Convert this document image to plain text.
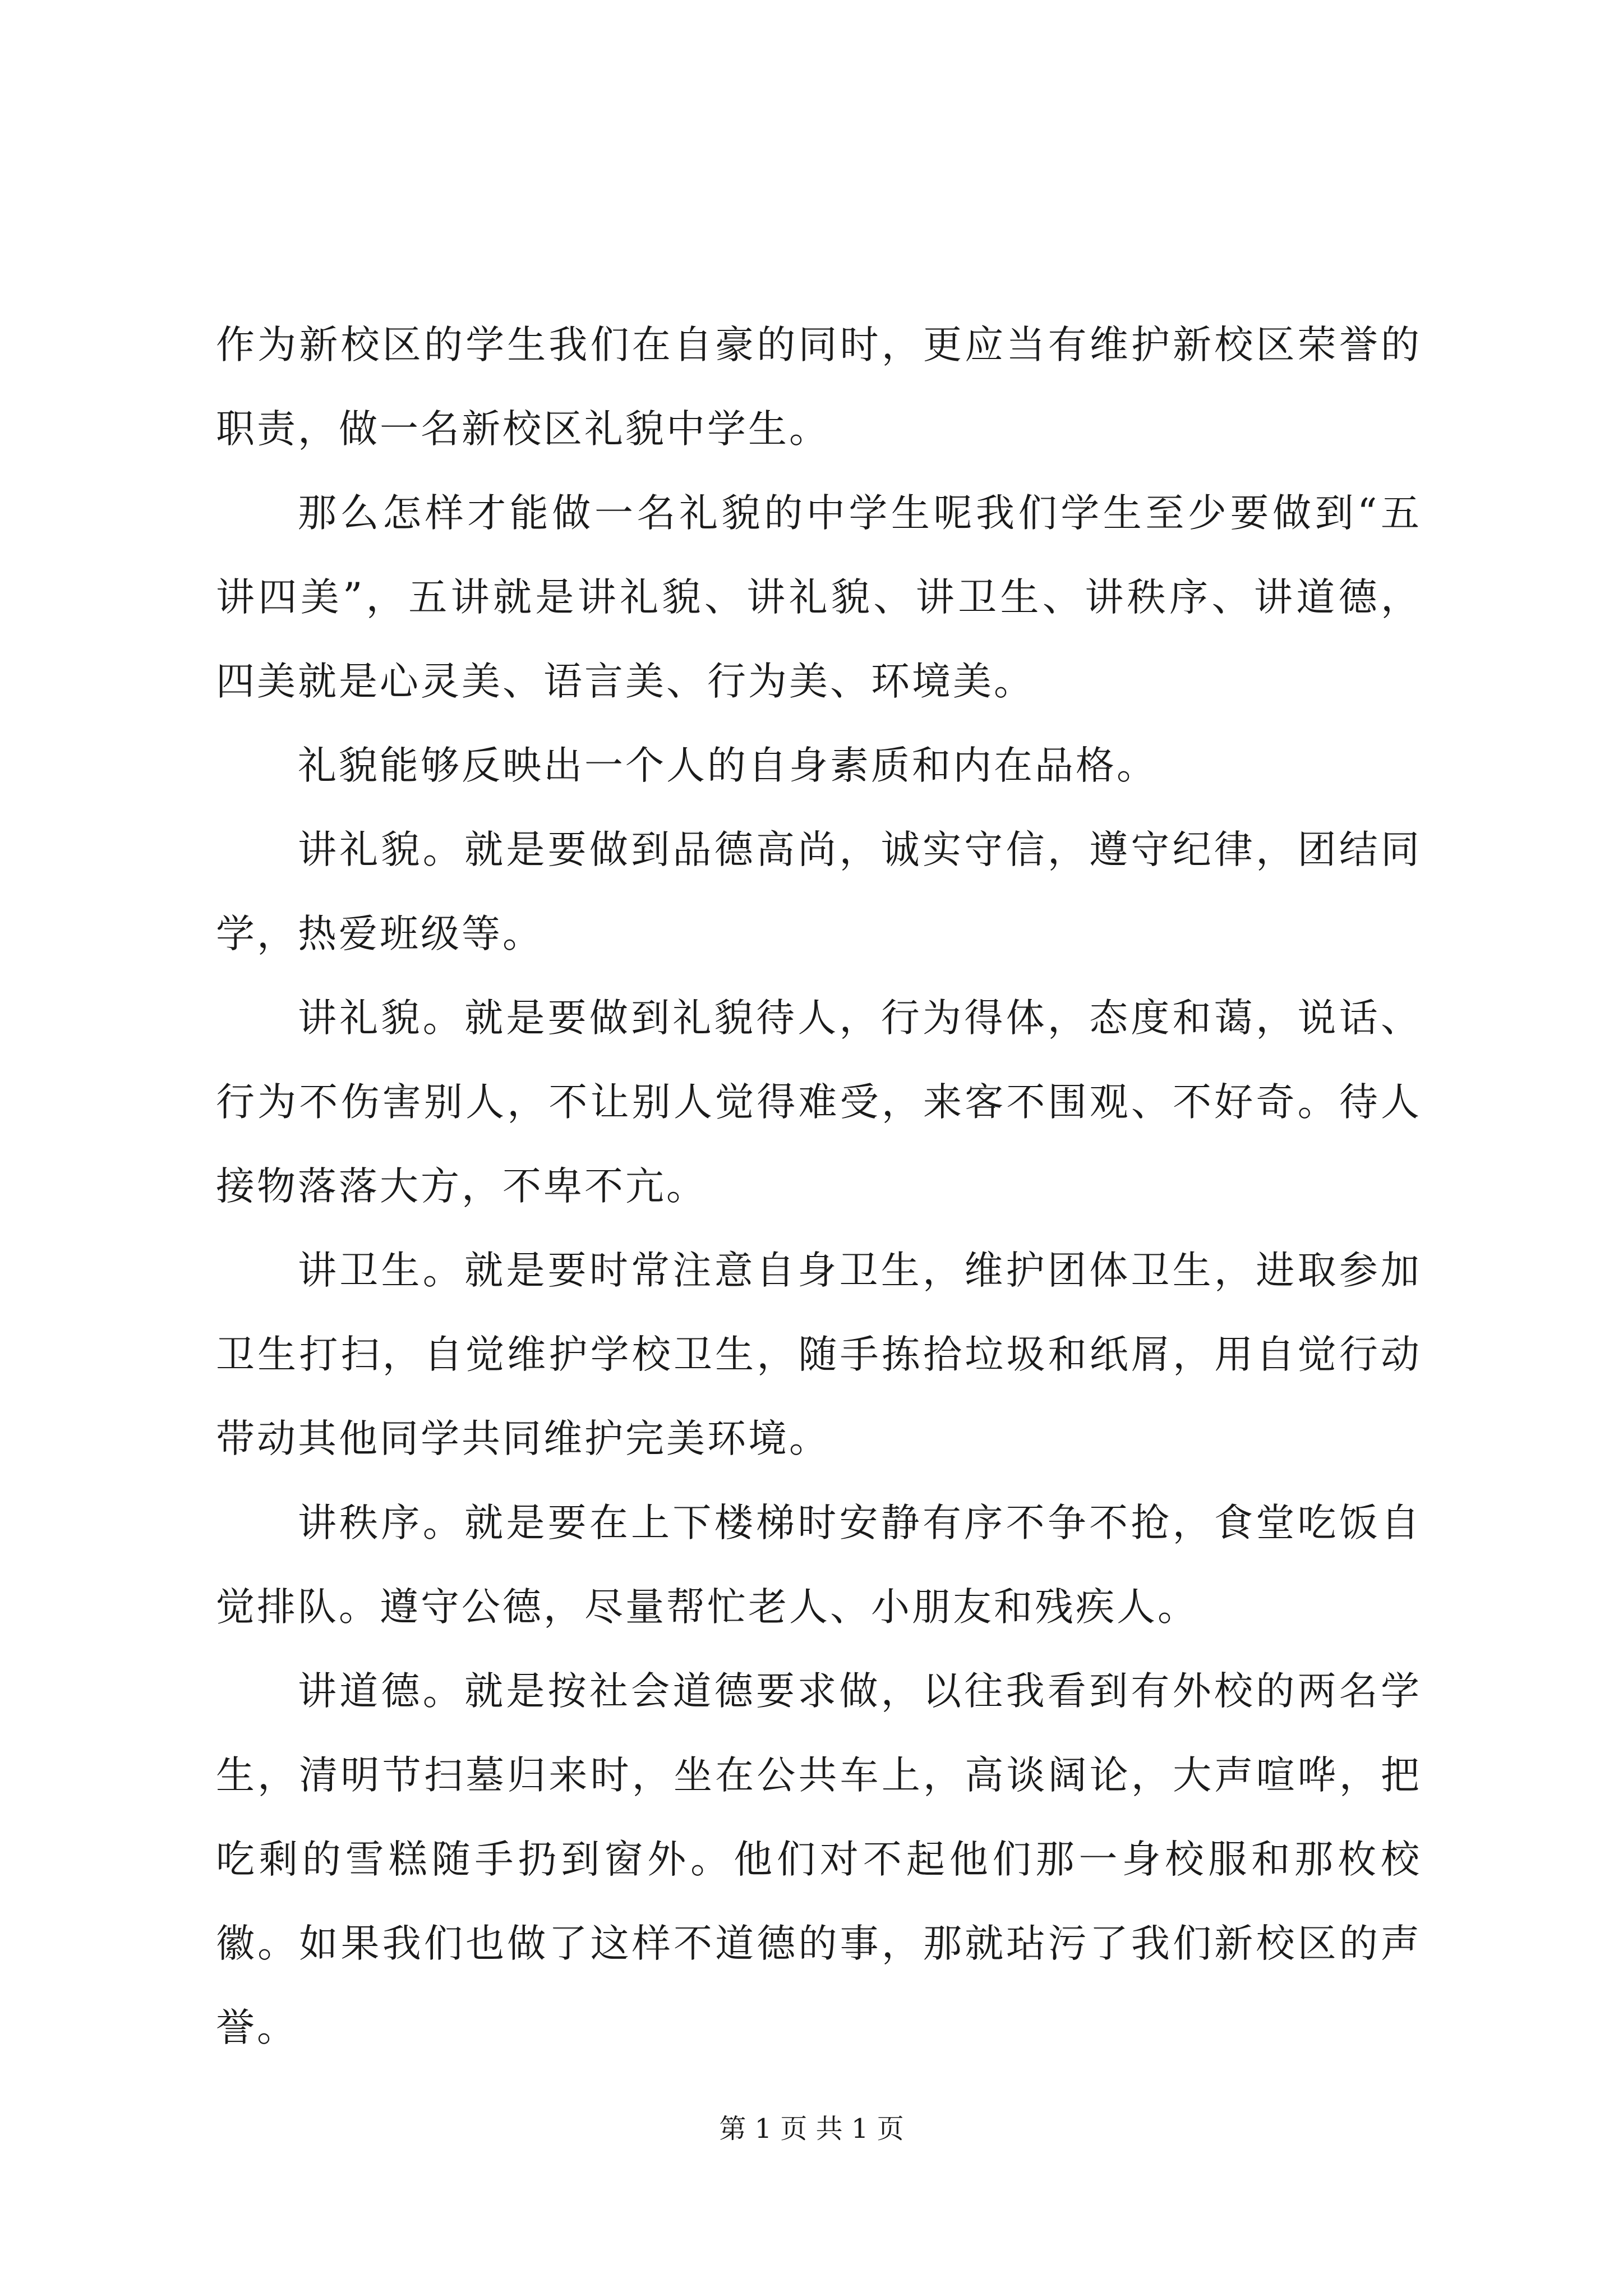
作为新校区的学生我们在自豪的同时，更应当有维护新校区荣誉的职责，做一名新校区礼貌中学生。

那么怎样才能做一名礼貌的中学生呢我们学生至少要做到“五讲四美”，五讲就是讲礼貌、讲礼貌、讲卫生、讲秩序、讲道德，四美就是心灵美、语言美、行为美、环境美。

礼貌能够反映出一个人的自身素质和内在品格。

讲礼貌。就是要做到品德高尚，诚实守信，遵守纪律，团结同学，热爱班级等。

讲礼貌。就是要做到礼貌待人，行为得体，态度和蔼，说话、行为不伤害别人，不让别人觉得难受，来客不围观、不好奇。待人接物落落大方，不卑不亢。

讲卫生。就是要时常注意自身卫生，维护团体卫生，进取参加卫生打扫，自觉维护学校卫生，随手拣拾垃圾和纸屑，用自觉行动带动其他同学共同维护完美环境。

讲秩序。就是要在上下楼梯时安静有序不争不抢，食堂吃饭自觉排队。遵守公德，尽量帮忙老人、小朋友和残疾人。

讲道德。就是按社会道德要求做，以往我看到有外校的两名学生，清明节扫墓归来时，坐在公共车上，高谈阔论，大声喧哗，把吃剩的雪糕随手扔到窗外。他们对不起他们那一身校服和那枚校徽。如果我们也做了这样不道德的事，那就玷污了我们新校区的声誉。

第 1 页 共 1 页
